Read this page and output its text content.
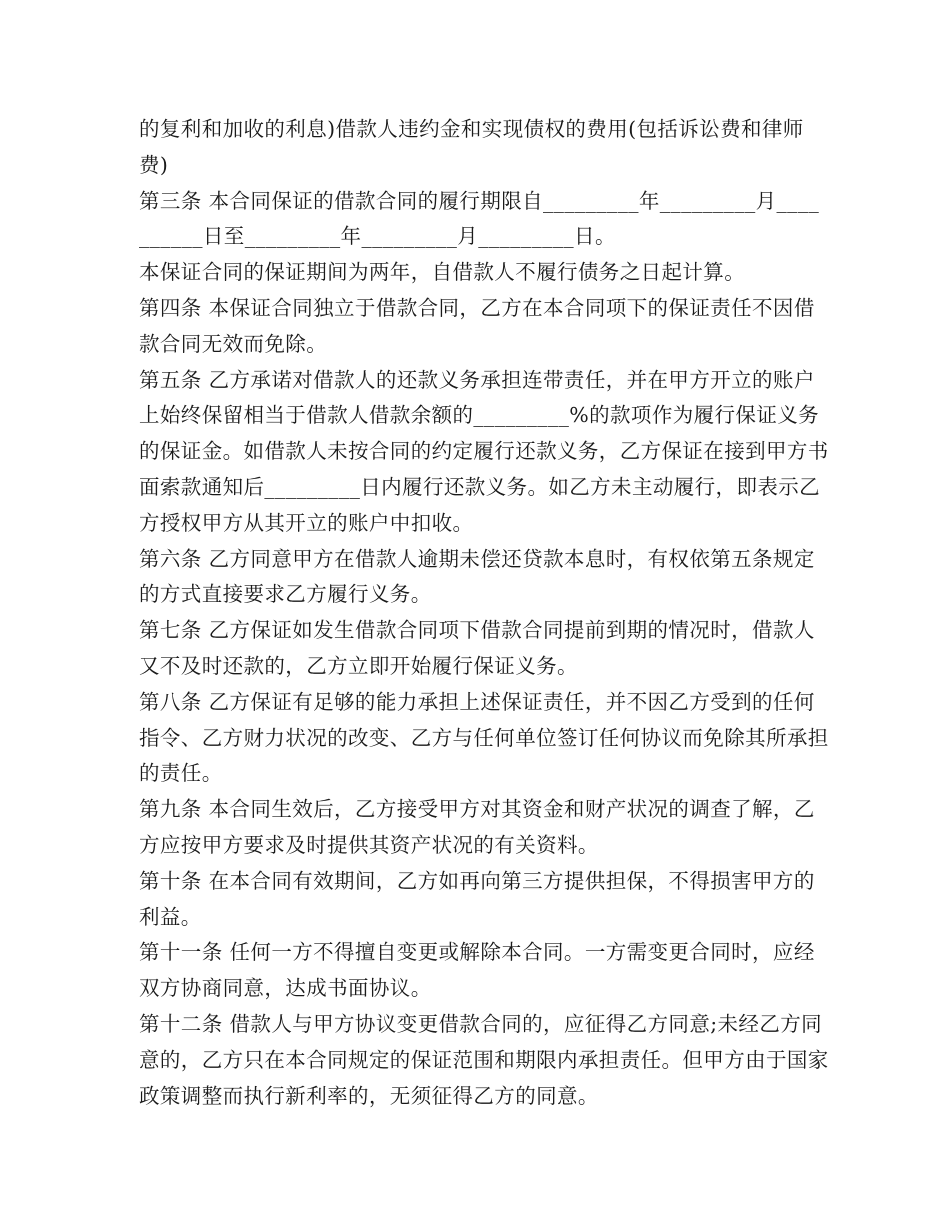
的复利和加收的利息)借款人违约金和实现债权的费用(包括诉讼费和律师费)

第三条 本合同保证的借款合同的履行期限自_________年_________月__________日至_________年_________月_________日。

本保证合同的保证期间为两年，自借款人不履行债务之日起计算。

第四条 本保证合同独立于借款合同，乙方在本合同项下的保证责任不因借款合同无效而免除。

第五条 乙方承诺对借款人的还款义务承担连带责任，并在甲方开立的账户上始终保留相当于借款人借款余额的_________%的款项作为履行保证义务的保证金。如借款人未按合同的约定履行还款义务，乙方保证在接到甲方书面索款通知后_________日内履行还款义务。如乙方未主动履行，即表示乙方授权甲方从其开立的账户中扣收。

第六条 乙方同意甲方在借款人逾期未偿还贷款本息时，有权依第五条规定的方式直接要求乙方履行义务。

第七条 乙方保证如发生借款合同项下借款合同提前到期的情况时，借款人又不及时还款的，乙方立即开始履行保证义务。

第八条 乙方保证有足够的能力承担上述保证责任，并不因乙方受到的任何指令、乙方财力状况的改变、乙方与任何单位签订任何协议而免除其所承担的责任。

第九条 本合同生效后，乙方接受甲方对其资金和财产状况的调查了解，乙方应按甲方要求及时提供其资产状况的有关资料。

第十条 在本合同有效期间，乙方如再向第三方提供担保，不得损害甲方的利益。

第十一条 任何一方不得擅自变更或解除本合同。一方需变更合同时，应经双方协商同意，达成书面协议。

第十二条 借款人与甲方协议变更借款合同的，应征得乙方同意;未经乙方同意的，乙方只在本合同规定的保证范围和期限内承担责任。但甲方由于国家政策调整而执行新利率的，无须征得乙方的同意。
